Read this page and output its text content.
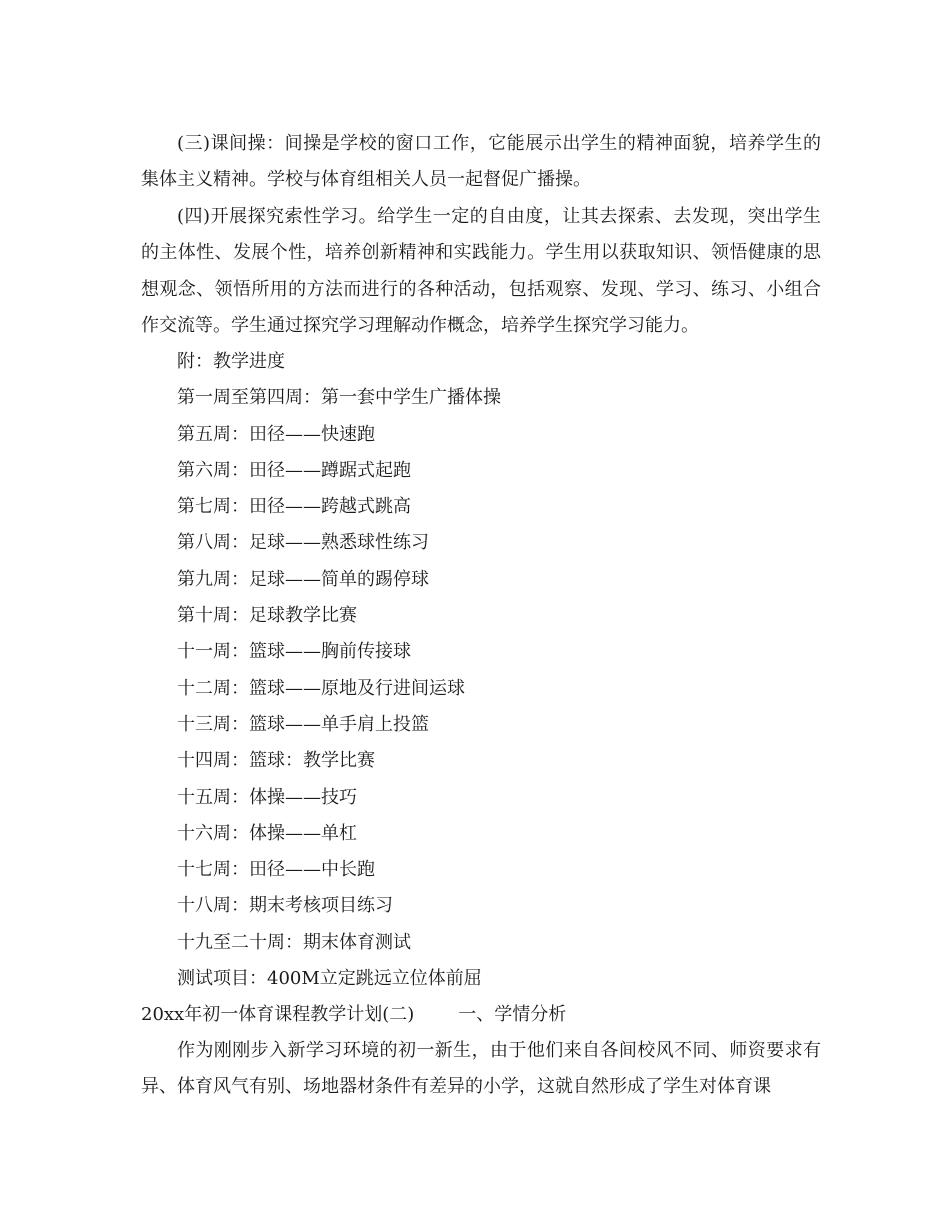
(三)课间操：间操是学校的窗口工作，它能展示出学生的精神面貌，培养学生的集体主义精神。学校与体育组相关人员一起督促广播操。

(四)开展探究索性学习。给学生一定的自由度，让其去探索、去发现，突出学生的主体性、发展个性，培养创新精神和实践能力。学生用以获取知识、领悟健康的思想观念、领悟所用的方法而进行的各种活动，包括观察、发现、学习、练习、小组合作交流等。学生通过探究学习理解动作概念，培养学生探究学习能力。

附：教学进度

第一周至第四周：第一套中学生广播体操

第五周：田径——快速跑

第六周：田径——蹲踞式起跑

第七周：田径——跨越式跳高

第八周：足球——熟悉球性练习

第九周：足球——简单的踢停球

第十周：足球教学比赛

十一周：篮球——胸前传接球

十二周：篮球——原地及行进间运球

十三周：篮球——单手肩上投篮

十四周：篮球：教学比赛

十五周：体操——技巧

十六周：体操——单杠

十七周：田径——中长跑

十八周：期末考核项目练习

十九至二十周：期末体育测试

测试项目：400M立定跳远立位体前屈

20xx年初一体育课程教学计划(二) 一、学情分析

作为刚刚步入新学习环境的初一新生，由于他们来自各间校风不同、师资要求有异、体育风气有别、场地器材条件有差异的小学，这就自然形成了学生对体育课
